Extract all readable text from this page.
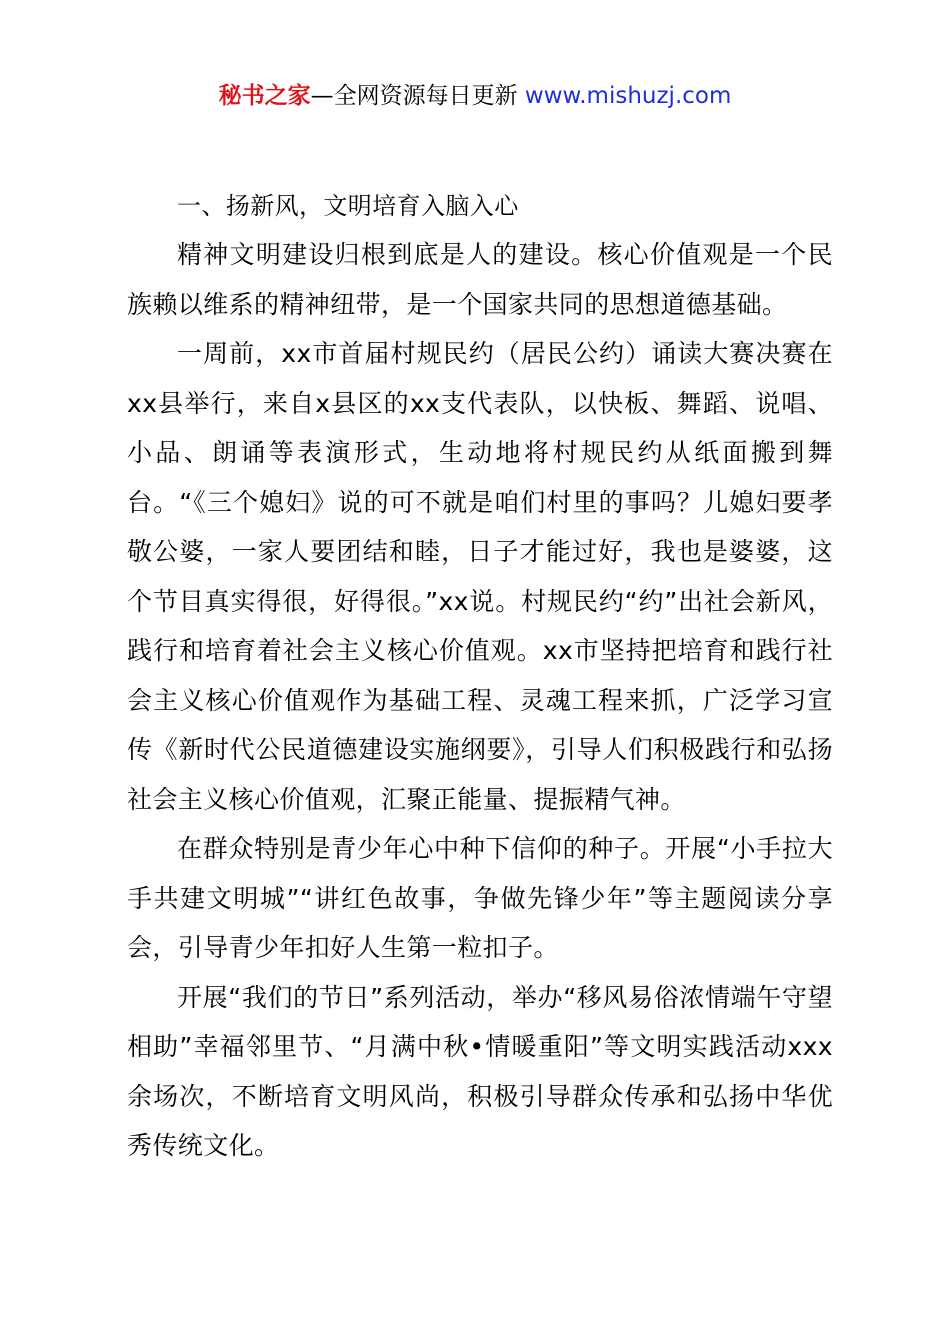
秘书之家—全网资源每日更新 www.mishuzj.com

一、扬新风，文明培育入脑入心

精神文明建设归根到底是人的建设。核心价值观是一个民族赖以维系的精神纽带，是一个国家共同的思想道德基础。

一周前，xx市首届村规民约（居民公约）诵读大赛决赛在xx县举行，来自x县区的xx支代表队，以快板、舞蹈、说唱、小品、朗诵等表演形式，生动地将村规民约从纸面搬到舞台。“《三个媳妇》说的可不就是咱们村里的事吗？儿媳妇要孝敬公婆，一家人要团结和睦，日子才能过好，我也是婆婆，这个节目真实得很，好得很。”xx说。村规民约“约”出社会新风，践行和培育着社会主义核心价值观。xx市坚持把培育和践行社会主义核心价值观作为基础工程、灵魂工程来抓，广泛学习宣传《新时代公民道德建设实施纲要》，引导人们积极践行和弘扬社会主义核心价值观，汇聚正能量、提振精气神。

在群众特别是青少年心中种下信仰的种子。开展“小手拉大手共建文明城”“讲红色故事，争做先锋少年”等主题阅读分享会，引导青少年扣好人生第一粒扣子。

开展“我们的节日”系列活动，举办“移风易俗浓情端午守望相助”幸福邻里节、“月满中秋•情暖重阳”等文明实践活动xxx余场次，不断培育文明风尚，积极引导群众传承和弘扬中华优秀传统文化。
